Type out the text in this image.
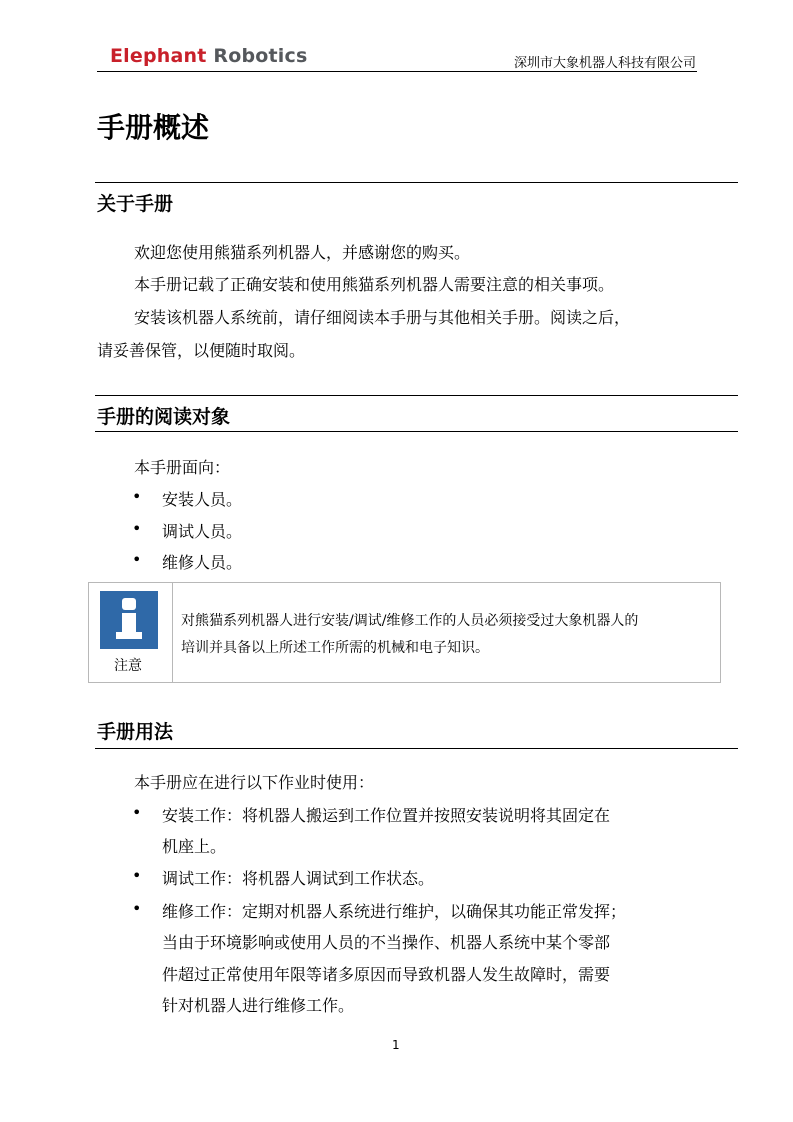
Elephant Robotics	深圳市大象机器人科技有限公司
手册概述
关于手册
欢迎您使用熊猫系列机器人，并感谢您的购买。
本手册记载了正确安装和使用熊猫系列机器人需要注意的相关事项。
安装该机器人系统前，请仔细阅读本手册与其他相关手册。阅读之后，
请妥善保管，以便随时取阅。
手册的阅读对象
本手册面向：
• 安装人员。
• 调试人员。
• 维修人员。
注意
对熊猫系列机器人进行安装/调试/维修工作的人员必须接受过大象机器人的
培训并具备以上所述工作所需的机械和电子知识。
手册用法
本手册应在进行以下作业时使用：
• 安装工作：将机器人搬运到工作位置并按照安装说明将其固定在
机座上。
• 调试工作：将机器人调试到工作状态。
• 维修工作：定期对机器人系统进行维护，以确保其功能正常发挥；
当由于环境影响或使用人员的不当操作、机器人系统中某个零部
件超过正常使用年限等诸多原因而导致机器人发生故障时，需要
针对机器人进行维修工作。
1
